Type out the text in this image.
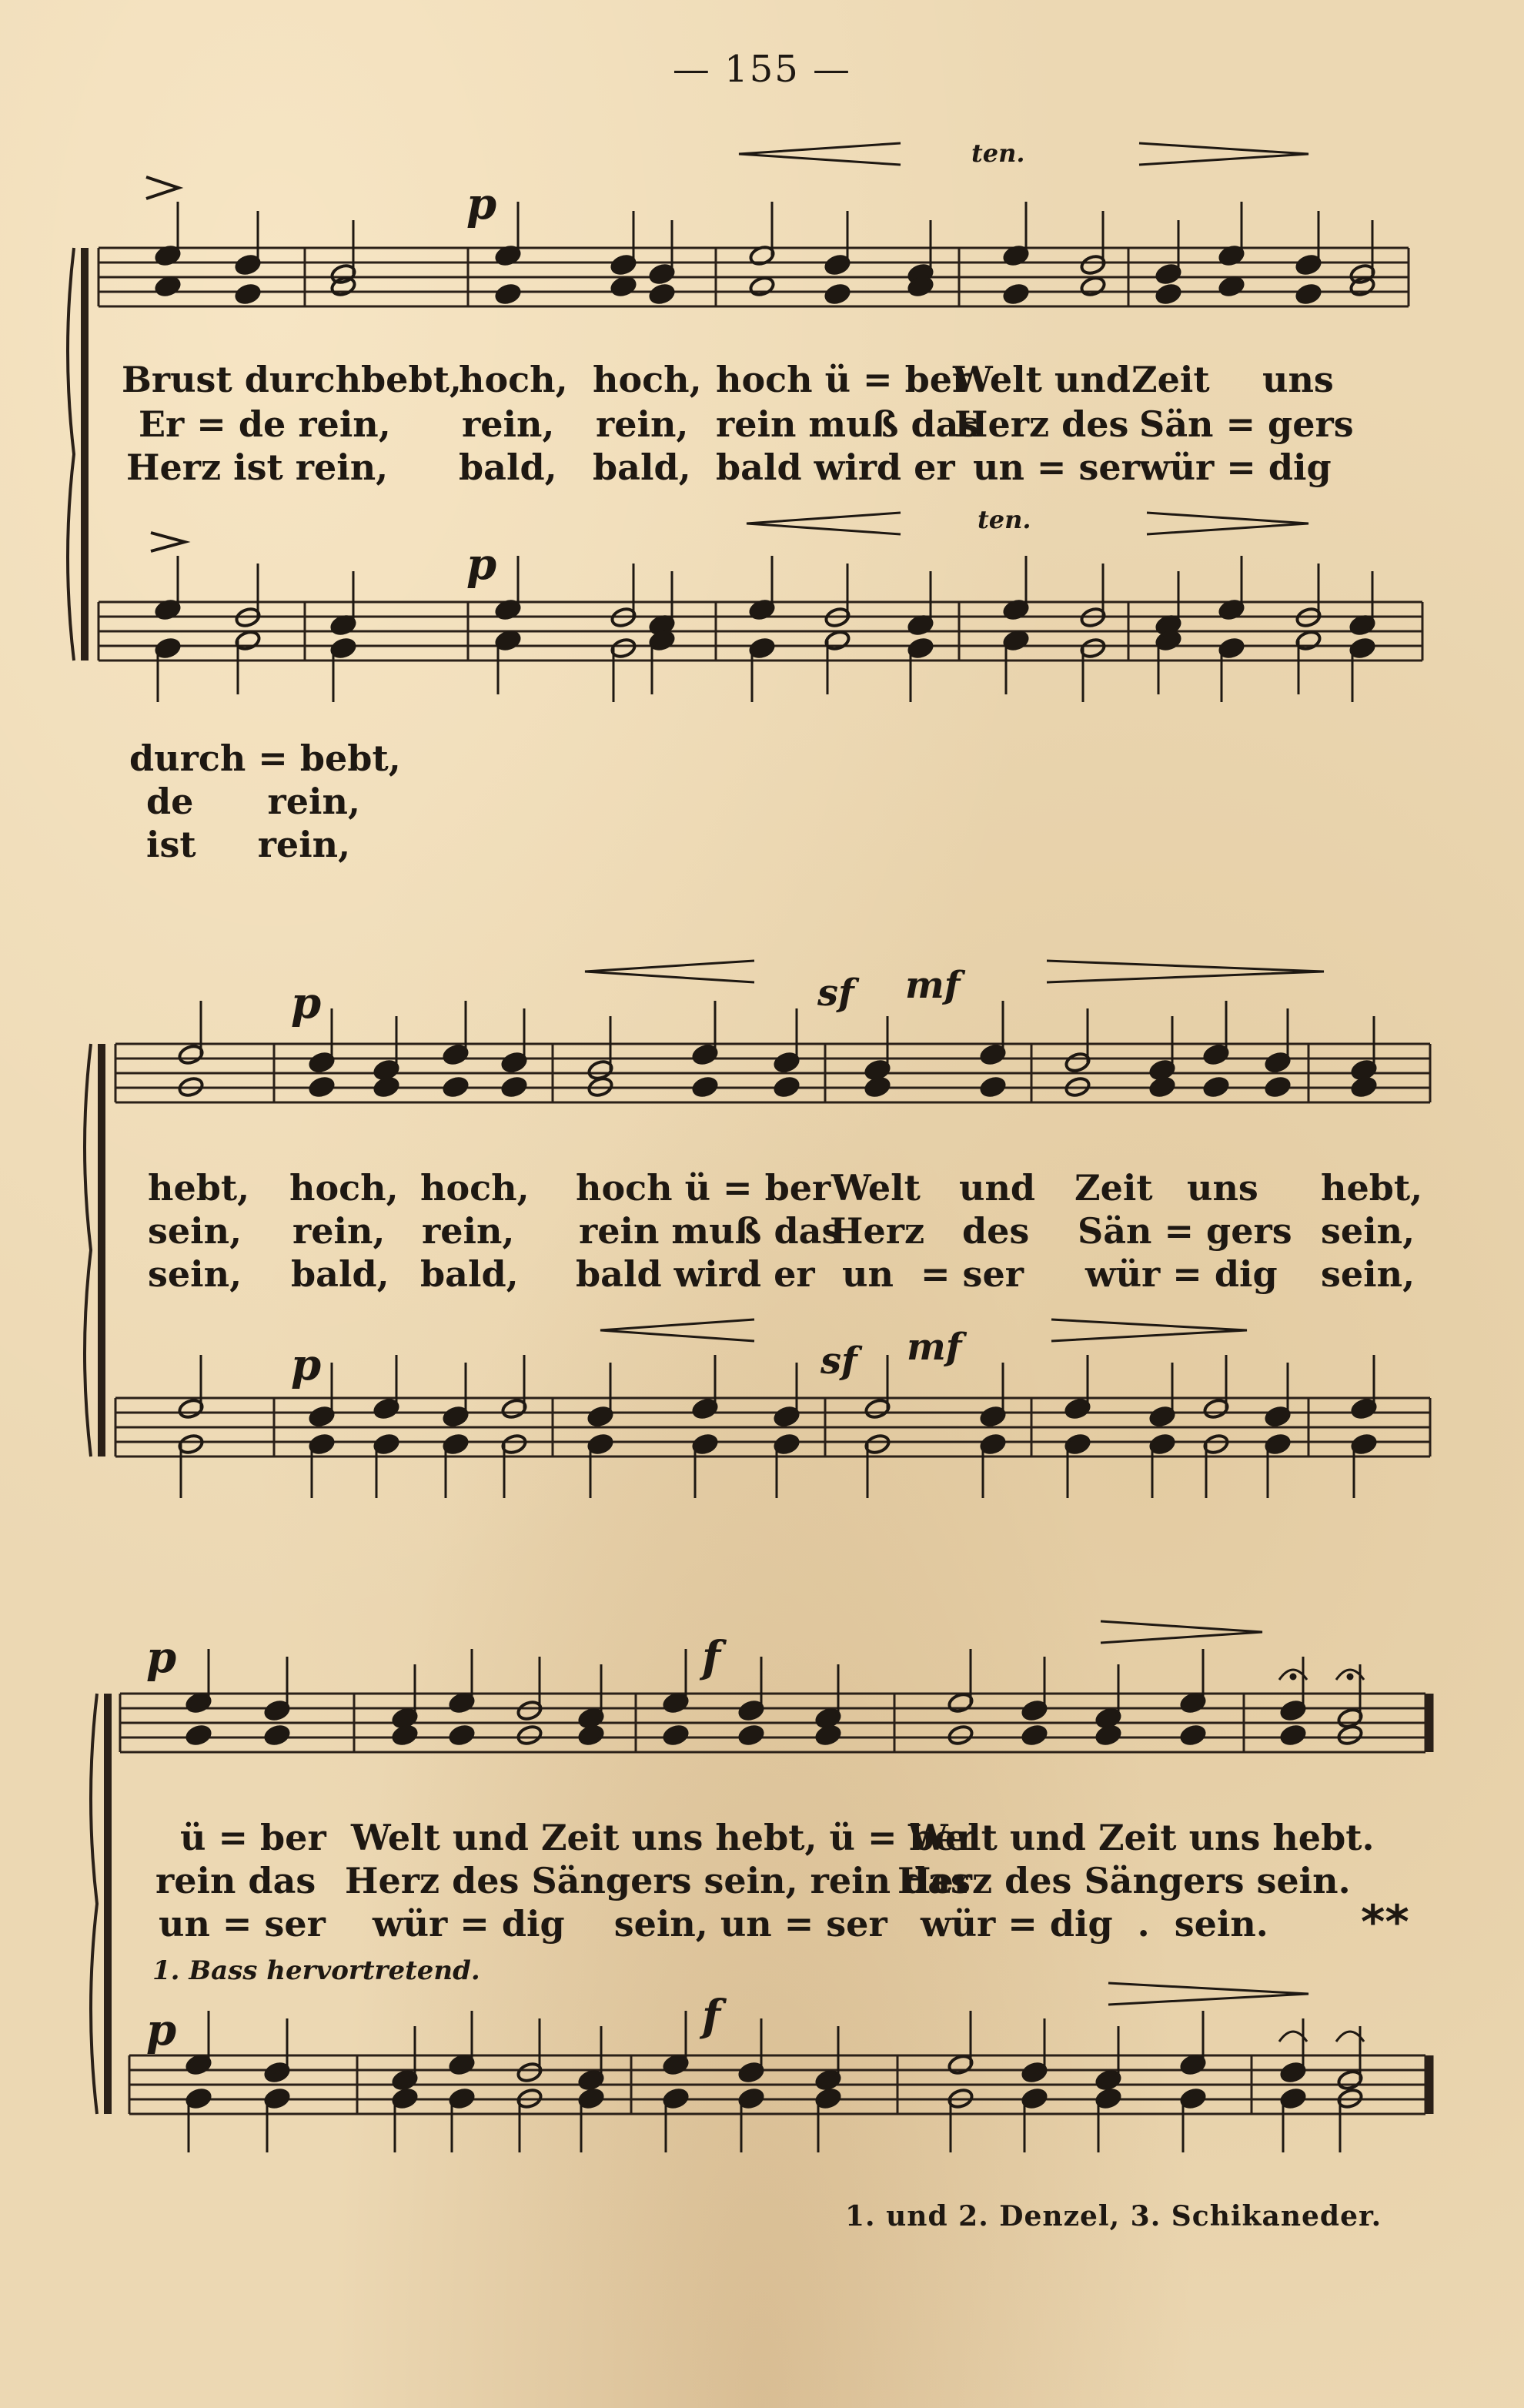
— 155 —
p
ten.
Brust durchbebt,
hoch, hoch, hoch ü = ber
Welt und Zeit uns
Er = de rein, rein, rein, rein muß das
Herz des Sän = gers
Herz ist rein, bald, bald, bald wird er un = ser wür = dig
ten.
p
durch = bebt,
de      rein,
ist     rein,
p	sf mf
hebt, hoch, hoch, hoch ü = ber Welt und Zeit uns hebt,
sein, rein, rein, rein muß das
Herz des Sän = gers sein,
sein, bald, bald, bald wird er un = ser wür = dig sein,
p	sf mf
p	f
ü = ber Welt und Zeit uns hebt, ü = ber
Welt und Zeit uns hebt.
rein das Herz des Sängers sein, rein das
Herz des Sängers sein.
un = ser wür = dig    sein, un = ser wür = dig  .  sein. **
1. Bass hervortretend.
p	f
1. und 2. Denzel, 3. Schikaneder.
